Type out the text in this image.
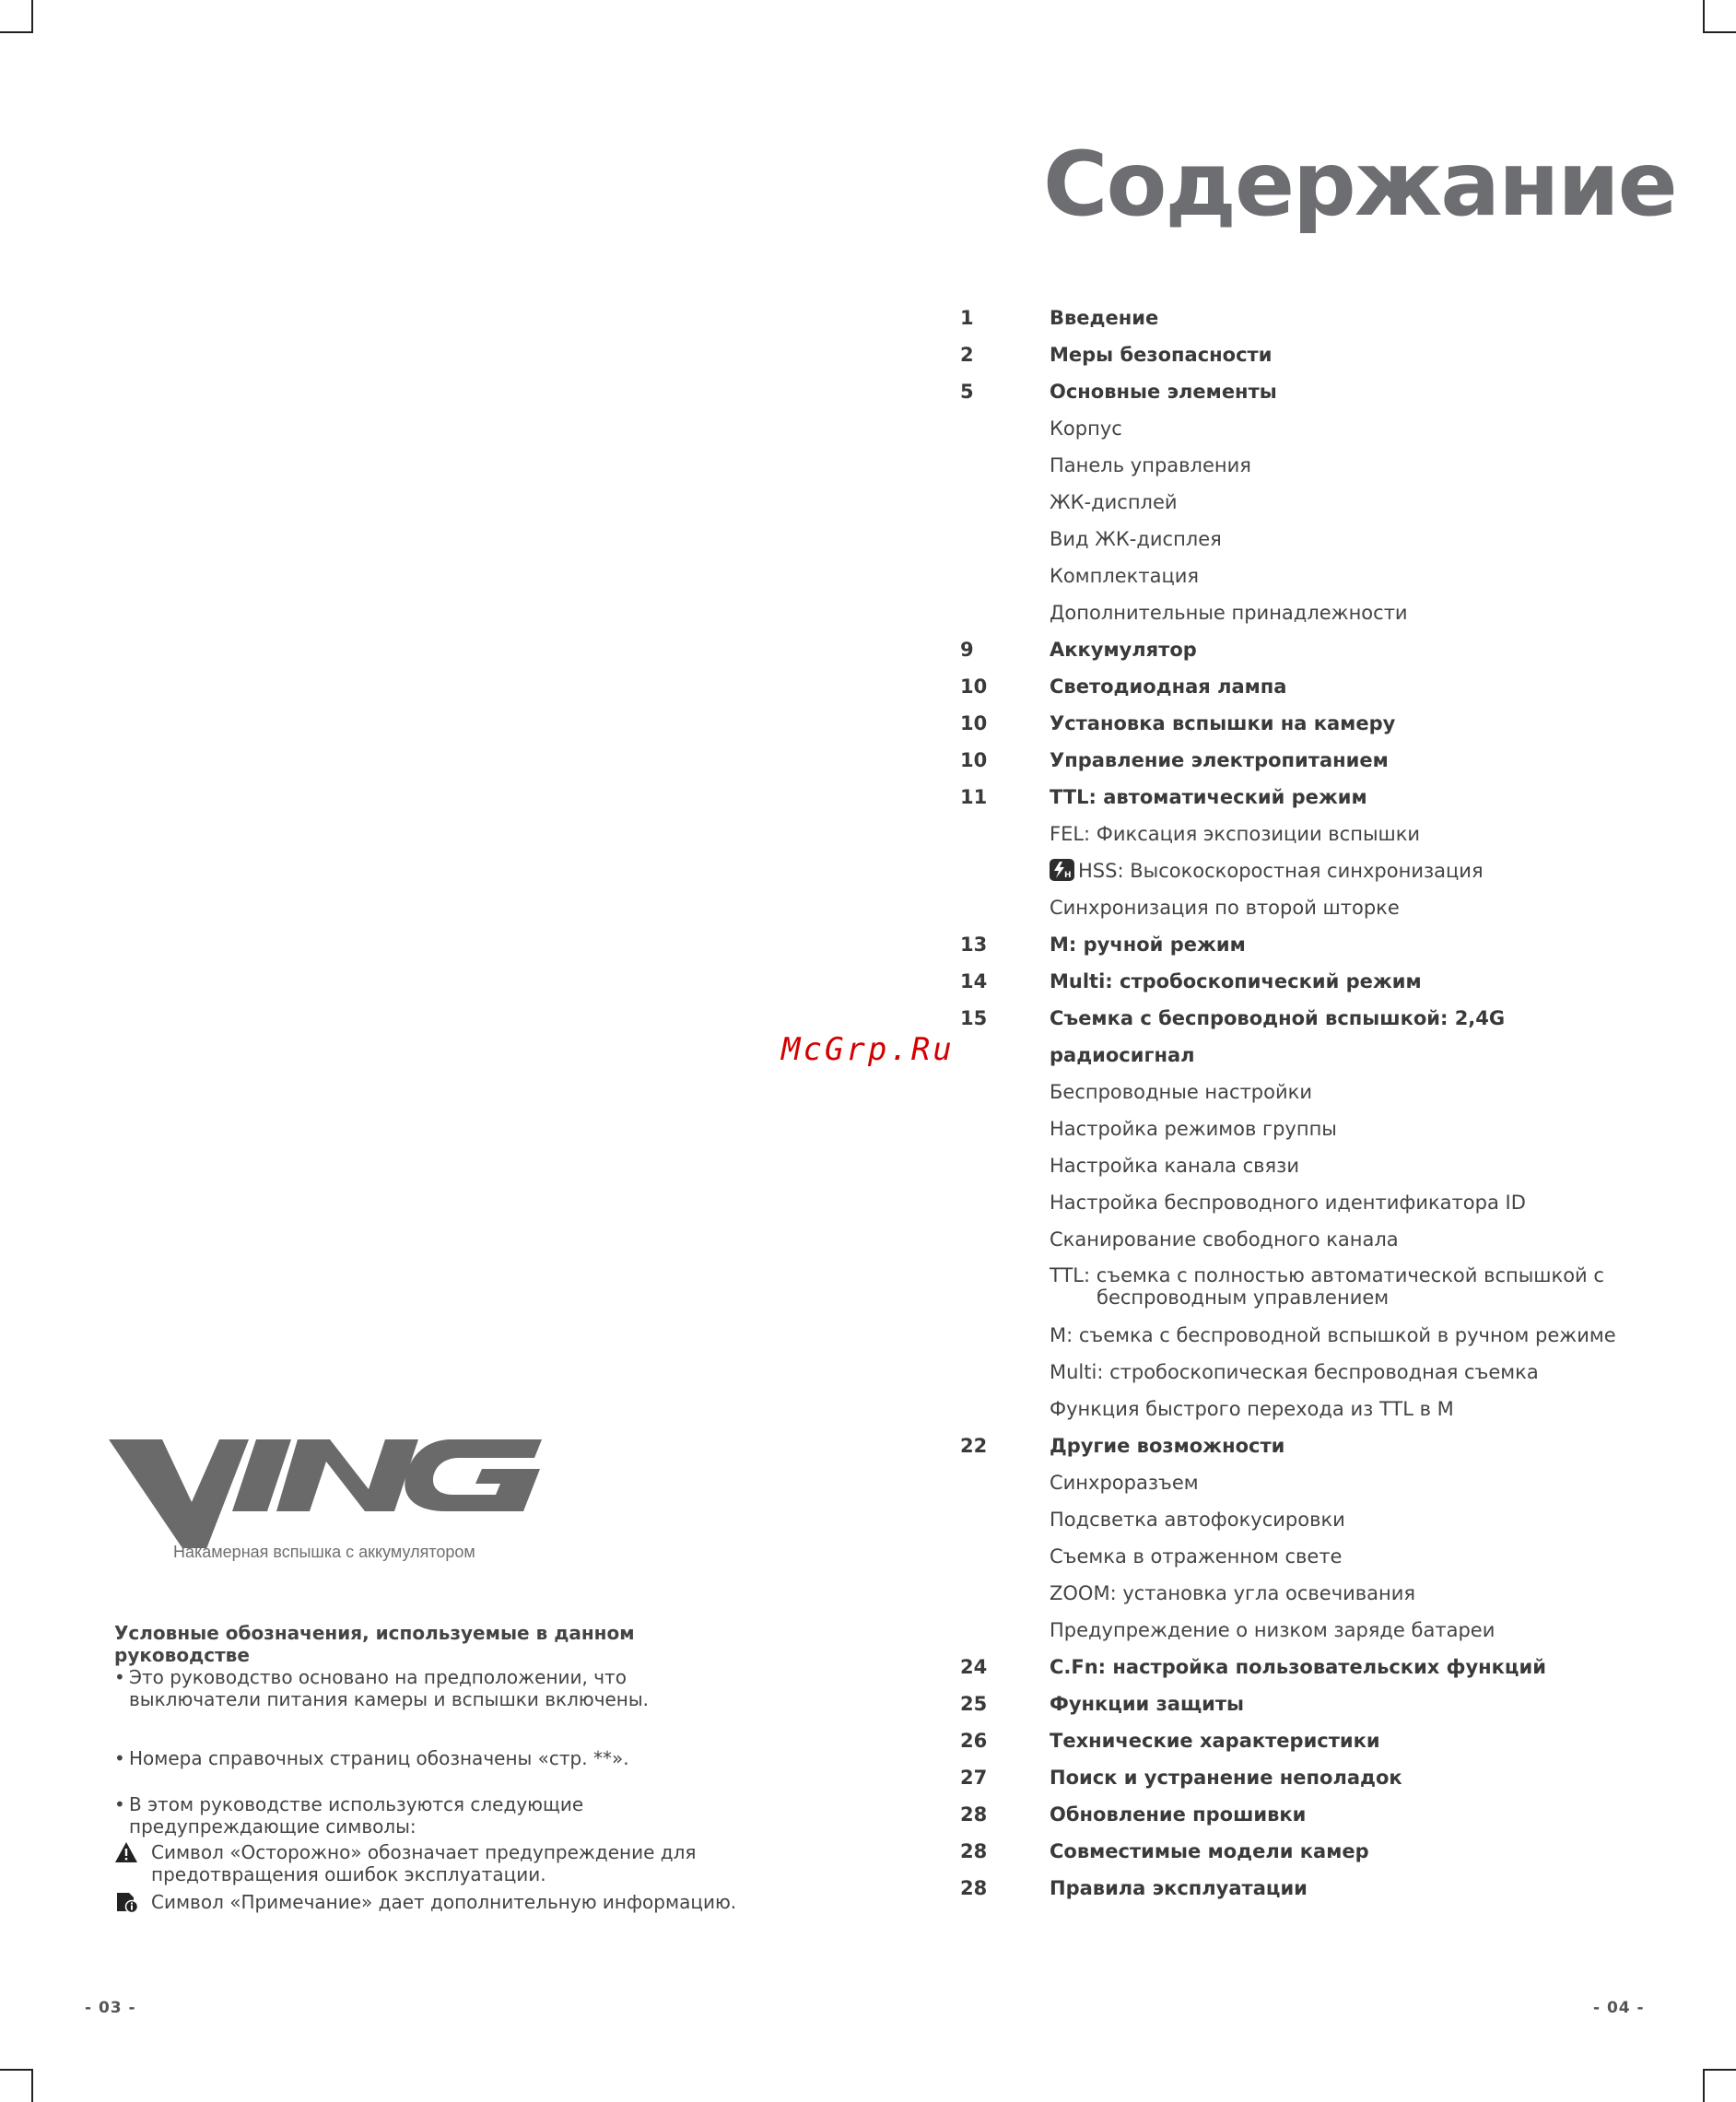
Накамерная вспышка с аккумулятором

Условные обозначения, используемые в данном руководстве

• Это руководство основано на предположении, что выключатели питания камеры и вспышки включены.

• Номера справочных страниц обозначены «стр. **».

• В этом руководстве используются следующие предупреждающие символы:

Символ «Осторожно» обозначает предупреждение для предотвращения ошибок эксплуатации.
Символ «Примечание» дает дополнительную информацию.
- 03 -
McGrp.Ru
Содержание
1	Введение
2	Меры безопасности
5	Основные элементы
Корпус
Панель управления
ЖК-дисплей
Вид ЖК-дисплея
Комплектация
Дополнительные принадлежности
9	Аккумулятор
10	Светодиодная лампа
10	Установка вспышки на камеру
10	Управление электропитанием
11	TTL: автоматический режим
FEL: Фиксация экспозиции вспышки
H HSS: Высокоскоростная синхронизация
Синхронизация по второй шторке
13	M: ручной режим
14	Multi: стробоскопический режим
15	Съемка с беспроводной вспышкой: 2,4G радиосигнал
Беспроводные настройки
Настройка режимов группы
Настройка канала связи
Настройка беспроводного идентификатора ID
Сканирование свободного канала
TTL: съемка с полностью автоматической вспышкой с
беспроводным управлением
M: съемка с беспроводной вспышкой в ручном режиме
Multi: стробоскопическая беспроводная съемка
Функция быстрого перехода из TTL в M
22	Другие возможности
Синхроразъем
Подсветка автофокусировки
Съемка в отраженном свете
ZOOM: установка угла освечивания
Предупреждение о низком заряде батареи
24	C.Fn: настройка пользовательских функций
25	Функции защиты
26	Технические характеристики
27	Поиск и устранение неполадок
28	Обновление прошивки
28	Совместимые модели камер
28	Правила эксплуатации
- 04 -
